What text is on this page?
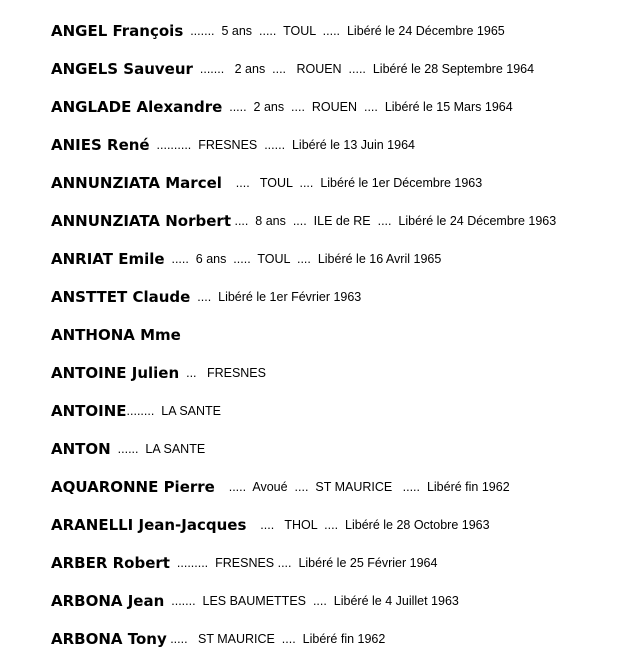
ANGEL François .......  5 ans  .....  TOUL  .....  Libéré le 24 Décembre 1965
ANGELS Sauveur .......   2 ans  ....   ROUEN  .....  Libéré le 28 Septembre 1964
ANGLADE Alexandre .....  2 ans  ....  ROUEN  ....  Libéré le 15 Mars 1964
ANIES René ..........  FRESNES  ......  Libéré le 13 Juin 1964
ANNUNZIATA Marcel ....   TOUL  ....  Libéré le 1er Décembre 1963
ANNUNZIATA Norbert ....  8 ans  ....  ILE de RE  ....  Libéré le 24 Décembre 1963
ANRIAT Emile .....  6 ans  .....  TOUL  ....  Libéré le 16 Avril 1965
ANSTTET Claude ....  Libéré le 1er Février 1963
ANTHONA Mme
ANTOINE Julien ...   FRESNES
ANTOINE ........  LA SANTE
ANTON ......  LA SANTE
AQUARONNE Pierre .....  Avoué  ....  ST MAURICE   .....  Libéré fin 1962
ARANELLI Jean-Jacques ....   THOL  ....  Libéré le 28 Octobre 1963
ARBER Robert .........  FRESNES ....  Libéré le 25 Février 1964
ARBONA Jean .......  LES BAUMETTES  ....  Libéré le 4 Juillet 1963
ARBONA Tony .....   ST MAURICE  ....  Libéré fin 1962
